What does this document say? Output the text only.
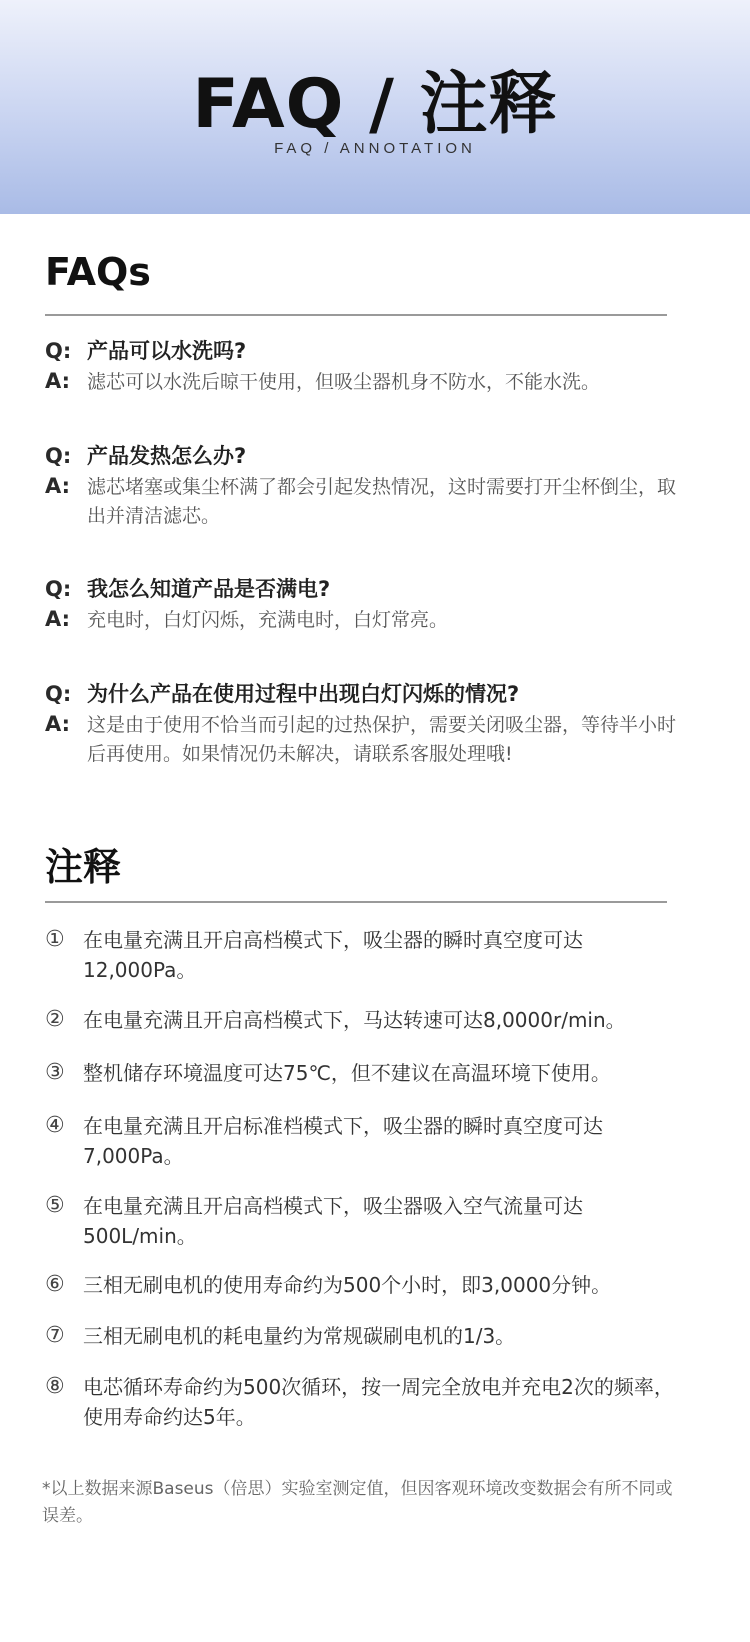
FAQ / 注释
FAQ / ANNOTATION
FAQs
Q: 产品可以水洗吗?
A: 滤芯可以水洗后晾干使用，但吸尘器机身不防水，不能水洗。
Q: 产品发热怎么办?
A: 滤芯堵塞或集尘杯满了都会引起发热情况，这时需要打开尘杯倒尘，取出并清洁滤芯。
Q: 我怎么知道产品是否满电?
A: 充电时，白灯闪烁，充满电时，白灯常亮。
Q: 为什么产品在使用过程中出现白灯闪烁的情况?
A: 这是由于使用不恰当而引起的过热保护，需要关闭吸尘器，等待半小时后再使用。如果情况仍未解决，请联系客服处理哦!
注释
① 在电量充满且开启高档模式下，吸尘器的瞬时真空度可达12,000Pa。
② 在电量充满且开启高档模式下，马达转速可达8,0000r/min。
③ 整机储存环境温度可达75℃，但不建议在高温环境下使用。
④ 在电量充满且开启标准档模式下，吸尘器的瞬时真空度可达7,000Pa。
⑤ 在电量充满且开启高档模式下，吸尘器吸入空气流量可达500L/min。
⑥ 三相无刷电机的使用寿命约为500个小时，即3,0000分钟。
⑦ 三相无刷电机的耗电量约为常规碳刷电机的1/3。
⑧ 电芯循环寿命约为500次循环，按一周完全放电并充电2次的频率，使用寿命约达5年。
*以上数据来源Baseus（倍思）实验室测定值，但因客观环境改变数据会有所不同或误差。
